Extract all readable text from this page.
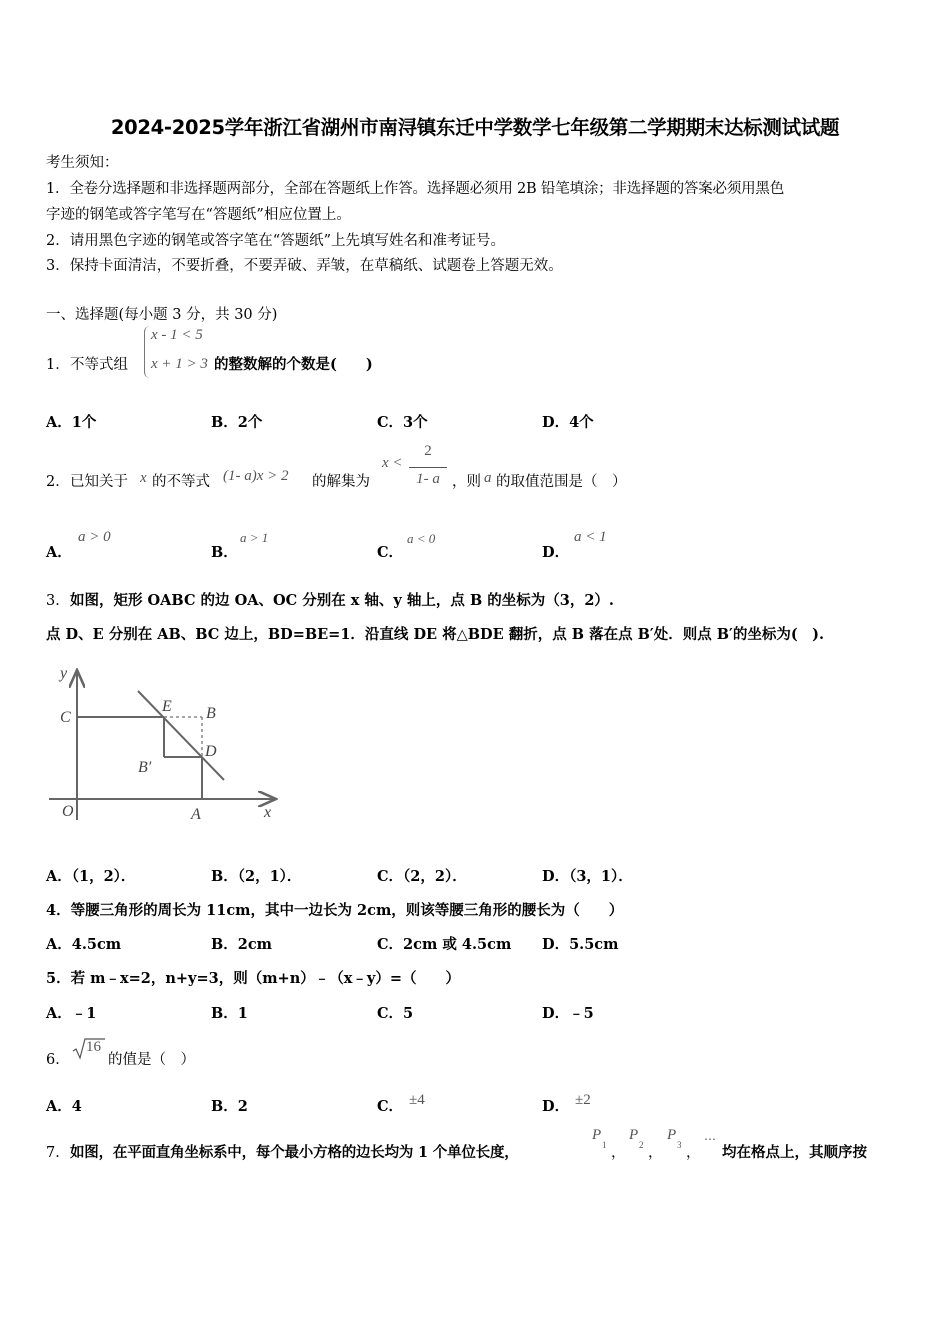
2024-2025学年浙江省湖州市南浔镇东迁中学数学七年级第二学期期末达标测试试题
考生须知：
1．全卷分选择题和非选择题两部分，全部在答题纸上作答。选择题必须用 2B 铅笔填涂；非选择题的答案必须用黑色
字迹的钢笔或答字笔写在“答题纸”相应位置上。
2．请用黑色字迹的钢笔或答字笔在“答题纸”上先填写姓名和准考证号。
3．保持卡面清洁，不要折叠，不要弄破、弄皱，在草稿纸、试题卷上答题无效。
一、选择题(每小题 3 分，共 30 分)
1． 不等式组
x - 1 < 5
x + 1 > 3 的整数解的个数是(　　)
A．1个	B．2个	C．3个	D．4个
2． 已知关于 x 的不等式 (1- a)x > 2 的解集为
x <
2
1- a ，则 a 的取值范围是（　）
A．
a > 0
B．
a > 1
C．
a < 0
D．
a < 1
3． 如图，矩形 OABC 的边 OA、OC 分别在 x 轴、y 轴上，点 B 的坐标为（3，2）.
点 D、E 分别在 AB、BC 边上，BD=BE=1．沿直线 DE 将△BDE 翻折，点 B 落在点 B′处．则点 B′的坐标为(　).
y
x
C
E B
D
B′
O	A
A．（1，2）．	B．（2，1）．	C．（2，2）．	D．（3，1）．
4．等腰三角形的周长为 11cm，其中一边长为 2cm，则该等腰三角形的腰长为（　　）
A．4.5cm	B．2cm	C．2cm 或 4.5cm D．5.5cm
5．若 m﹣x=2，n+y=3，则（m+n）﹣（x﹣y）=（　　）
A．﹣1	B．1	C．5	D．﹣5
6．
16
的值是（　）
A．4	B．2	C． ±4	D． ±2
7． 如图，在平面直角坐标系中，每个最小方格的边长均为 1 个单位长度，
P
1 ，
P
2 ，
P
3 ，
⋯
均在格点上，其顺序按
